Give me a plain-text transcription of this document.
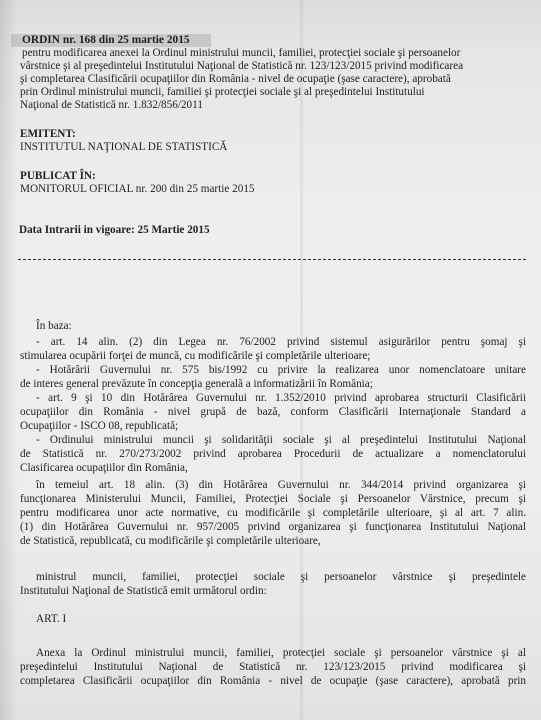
ORDIN nr. 168 din 25 martie 2015
pentru modificarea anexei la Ordinul ministrului muncii, familiei, protecţiei sociale şi persoanelor
vârstnice şi al preşedintelui Institutului Naţional de Statistică nr. 123/123/2015 privind modificarea
şi completarea Clasificării ocupaţiilor din România - nivel de ocupaţie (şase caractere), aprobată
prin Ordinul ministrului muncii, familiei şi protecţiei sociale şi al preşedintelui Institutului
Naţional de Statistică nr. 1.832/856/2011
EMITENT:
INSTITUTUL NAŢIONAL DE STATISTICĂ
PUBLICAT ÎN:
MONITORUL OFICIAL nr. 200 din 25 martie 2015
Data Intrarii in vigoare: 25 Martie 2015
În baza:
- art. 14 alin. (2) din Legea nr. 76/2002 privind sistemul asigurărilor pentru şomaj şi
stimularea ocupării forţei de muncă, cu modificările şi completările ulterioare;
- Hotărârii Guvernului nr. 575 bis/1992 cu privire la realizarea unor nomenclatoare unitare
de interes general prevăzute în concepţia generală a informatizării în România;
- art. 9 şi 10 din Hotărârea Guvernului nr. 1.352/2010 privind aprobarea structurii Clasificării
ocupaţiilor din România - nivel grupă de bază, conform Clasificării Internaţionale Standard a
Ocupaţiilor - ISCO 08, republicată;
- Ordinului ministrului muncii şi solidarităţii sociale şi al preşedintelui Institutului Naţional
de Statistică nr. 270/273/2002 privind aprobarea Procedurii de actualizare a nomenclatorului
Clasificarea ocupaţiilor din România,
în temeiul art. 18 alin. (3) din Hotărârea Guvernului nr. 344/2014 privind organizarea şi
funcţionarea Ministerului Muncii, Familiei, Protecţiei Sociale şi Persoanelor Vârstnice, precum şi
pentru modificarea unor acte normative, cu modificările şi completările ulterioare, şi al art. 7 alin.
(1) din Hotărârea Guvernului nr. 957/2005 privind organizarea şi funcţionarea Institutului Naţional
de Statistică, republicată, cu modificările şi completările ulterioare,
ministrul muncii, familiei, protecţiei sociale şi persoanelor vârstnice şi preşedintele
Institutului Naţional de Statistică emit următorul ordin:
ART. I
Anexa la Ordinul ministrului muncii, familiei, protecţiei sociale şi persoanelor vârstnice şi al
preşedintelui Institutului Naţional de Statistică nr. 123/123/2015 privind modificarea şi
completarea Clasificării ocupaţiilor din România - nivel de ocupaţie (şase caractere), aprobată prin
